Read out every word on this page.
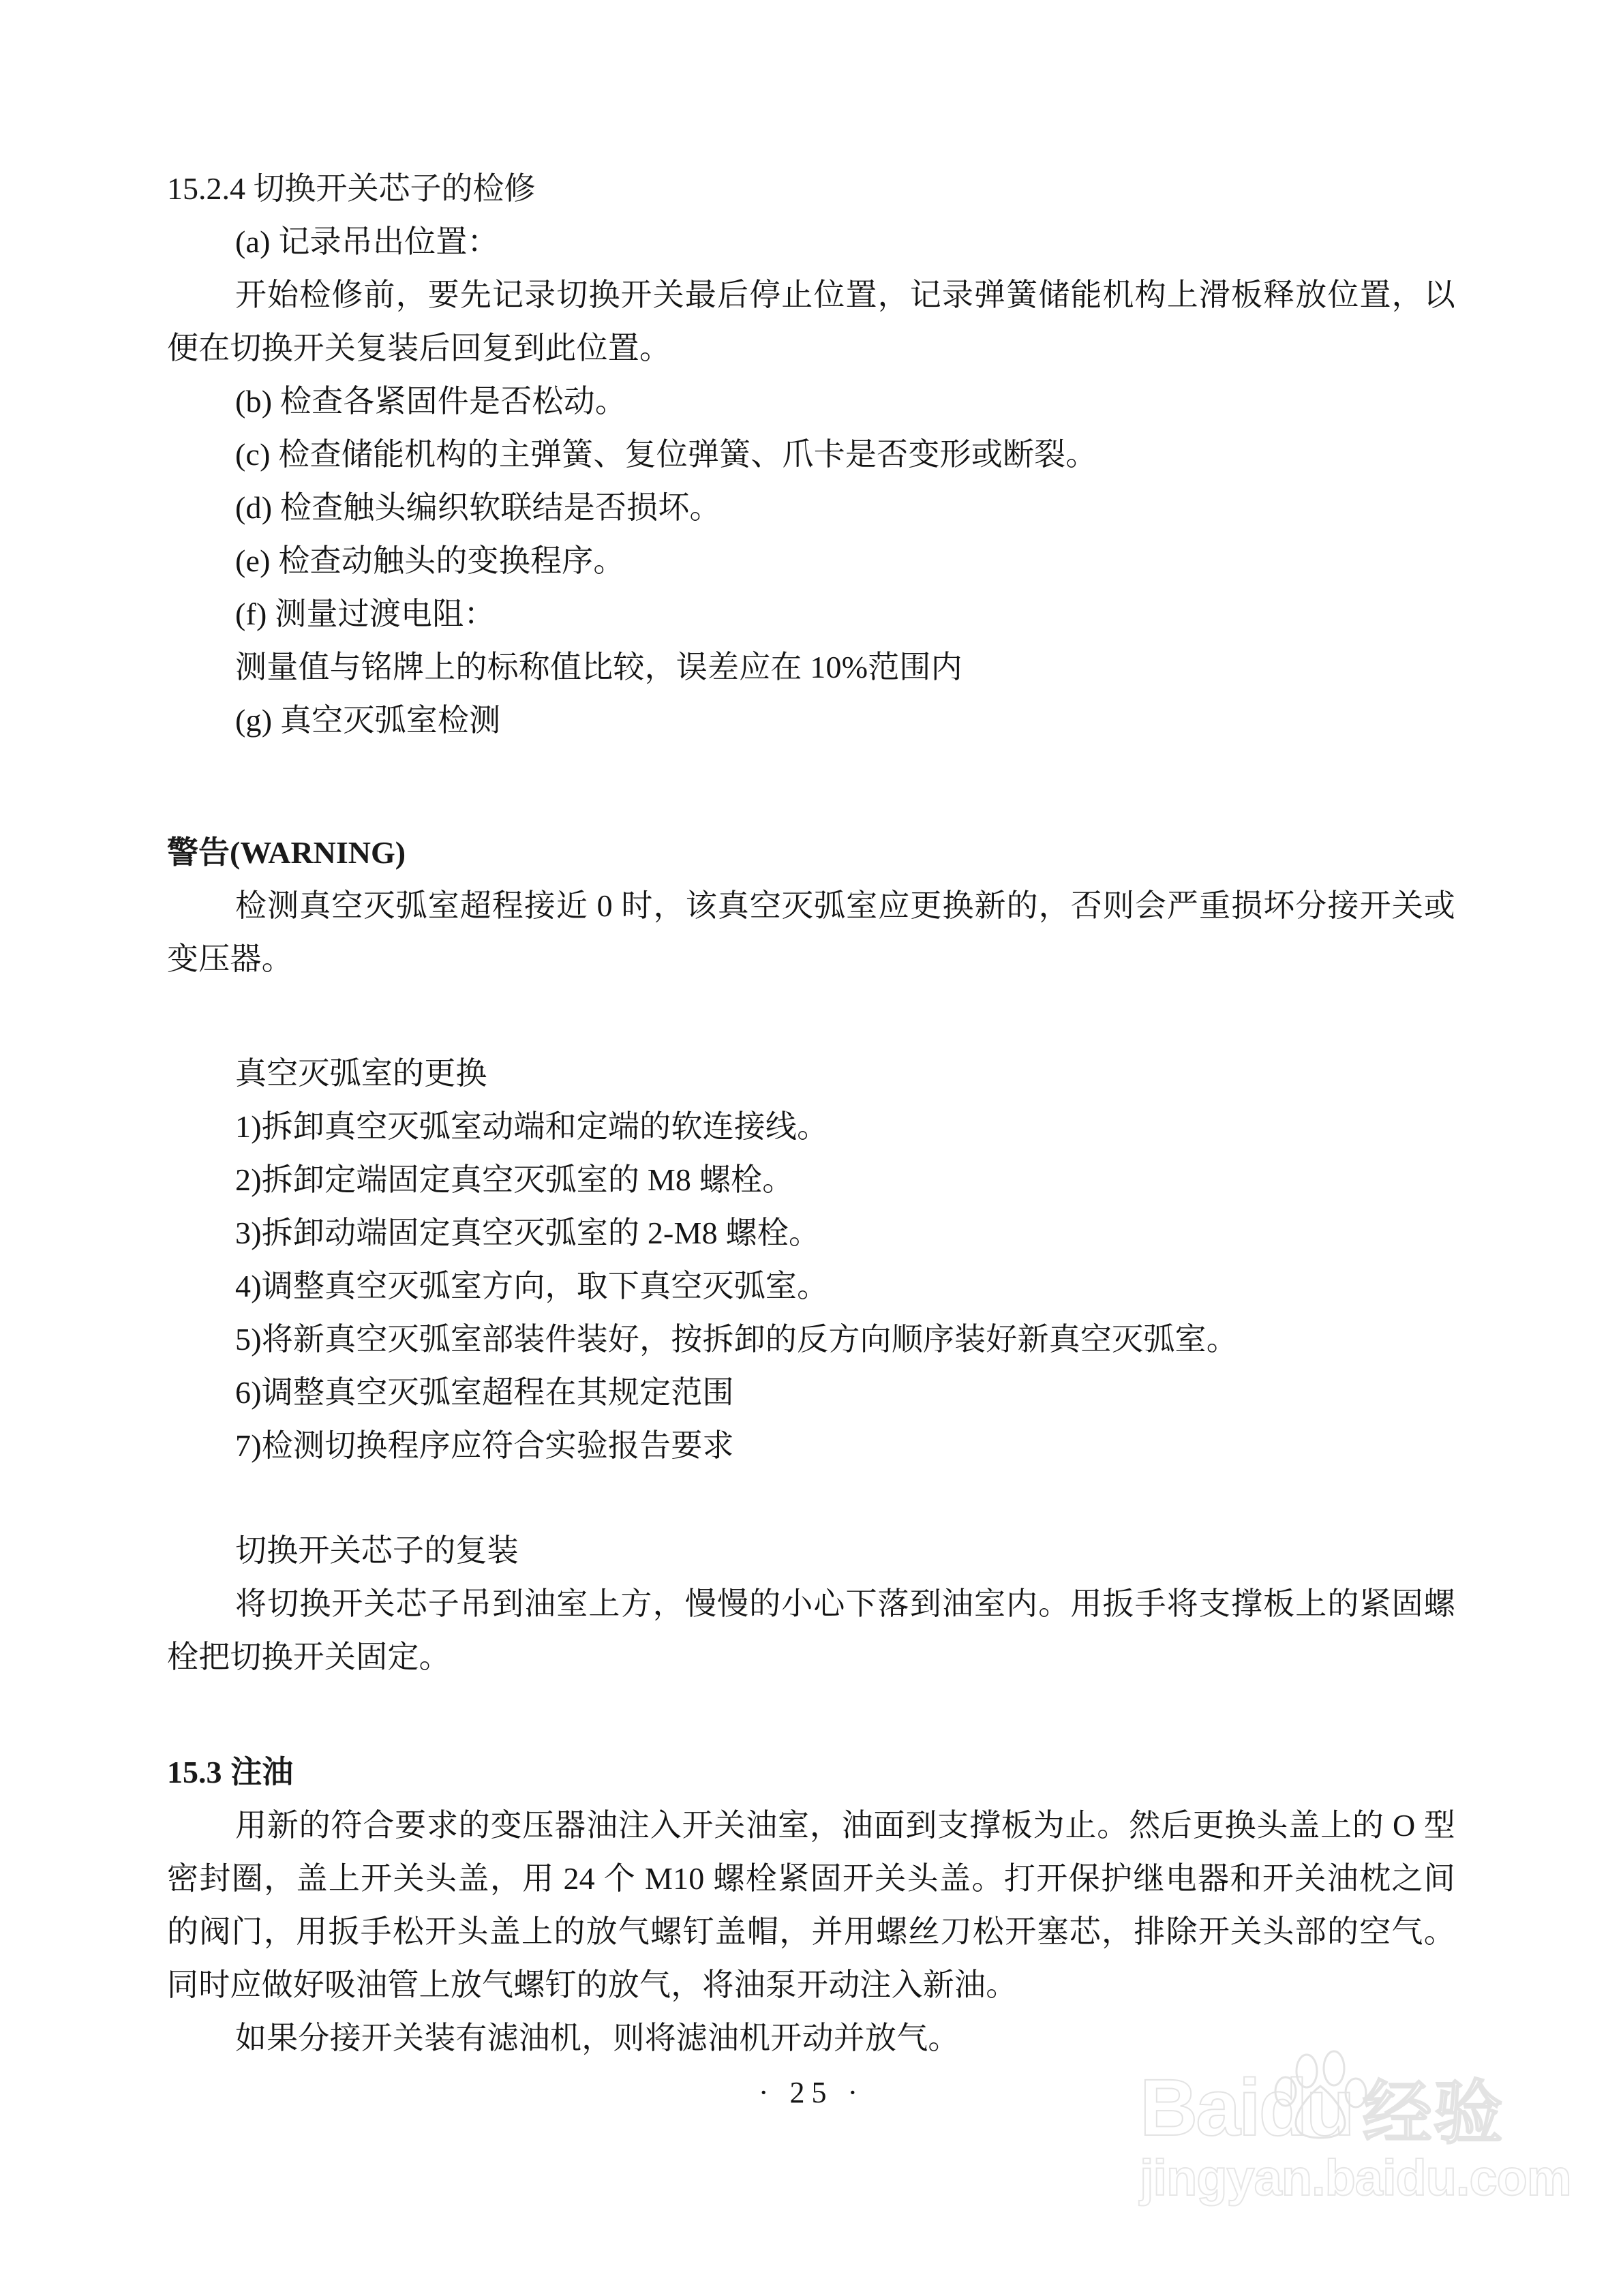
15.2.4 切换开关芯子的检修

(a) 记录吊出位置：

开始检修前，要先记录切换开关最后停止位置，记录弹簧储能机构上滑板释放位置，以便在切换开关复装后回复到此位置。

(b) 检查各紧固件是否松动。

(c) 检查储能机构的主弹簧、复位弹簧、爪卡是否变形或断裂。

(d) 检查触头编织软联结是否损坏。

(e) 检查动触头的变换程序。

(f) 测量过渡电阻：

测量值与铭牌上的标称值比较，误差应在 10%范围内

(g) 真空灭弧室检测

警告(WARNING)

检测真空灭弧室超程接近 0 时，该真空灭弧室应更换新的，否则会严重损坏分接开关或变压器。

真空灭弧室的更换

1)拆卸真空灭弧室动端和定端的软连接线。

2)拆卸定端固定真空灭弧室的 M8 螺栓。

3)拆卸动端固定真空灭弧室的 2-M8 螺栓。

4)调整真空灭弧室方向，取下真空灭弧室。

5)将新真空灭弧室部装件装好，按拆卸的反方向顺序装好新真空灭弧室。

6)调整真空灭弧室超程在其规定范围

7)检测切换程序应符合实验报告要求

切换开关芯子的复装

将切换开关芯子吊到油室上方，慢慢的小心下落到油室内。用扳手将支撑板上的紧固螺栓把切换开关固定。

15.3 注油

用新的符合要求的变压器油注入开关油室，油面到支撑板为止。然后更换头盖上的 O 型密封圈，盖上开关头盖，用 24 个 M10 螺栓紧固开关头盖。打开保护继电器和开关油枕之间的阀门，用扳手松开头盖上的放气螺钉盖帽，并用螺丝刀松开塞芯，排除开关头部的空气。同时应做好吸油管上放气螺钉的放气，将油泵开动注入新油。

如果分接开关装有滤油机，则将滤油机开动并放气。

· 25 ·	Baidu 经验
jingyan.baidu.com
